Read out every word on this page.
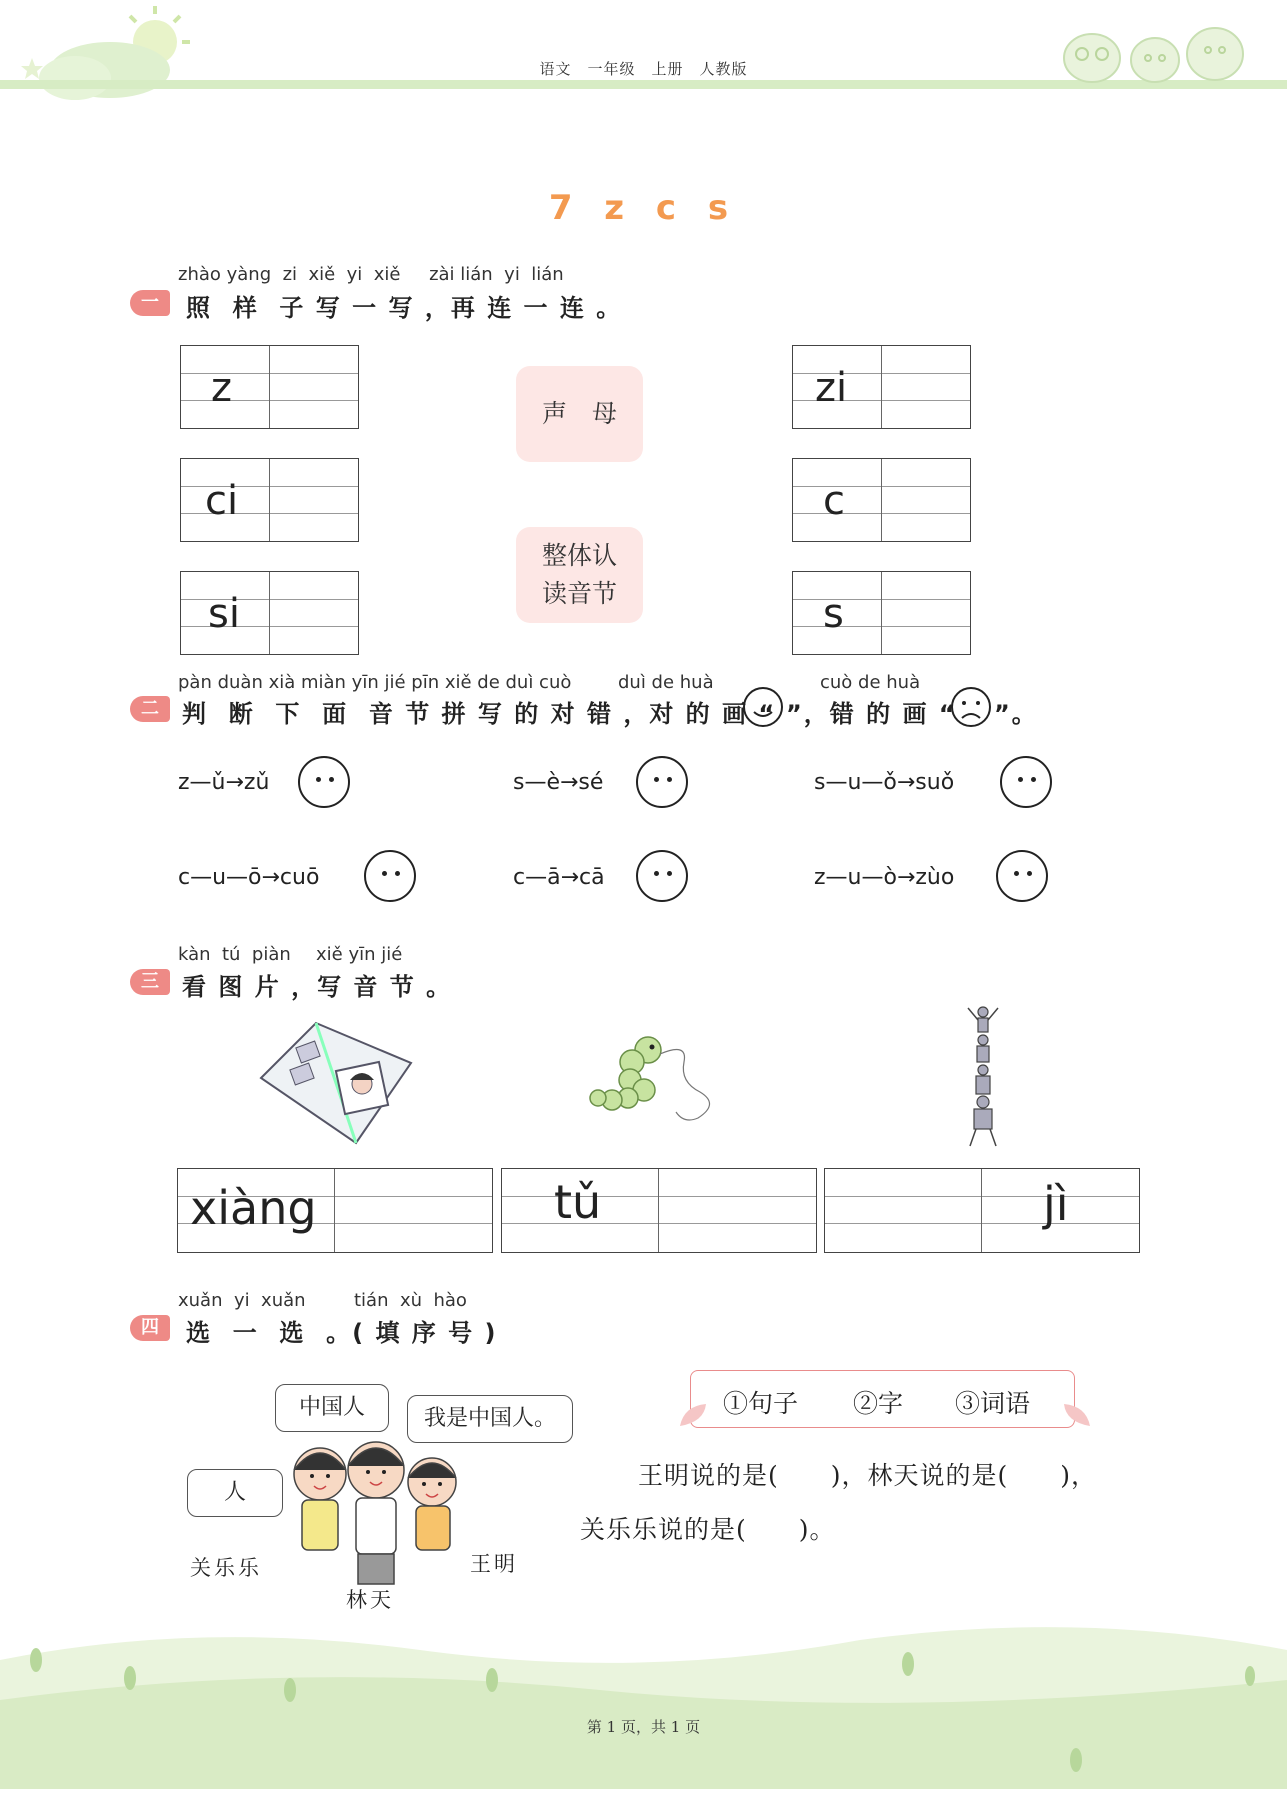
语文　一年级　上册　人教版
7 z c s
zhào yàng  zi  xiě  yi  xiě     zài lián  yi  lián
一	照  样  子 写 一 写 ，再 连 一 连 。
z
ci
si
声　母
整体认
读音节
zi
c
s
pàn duàn xià miàn yīn jié pīn xiě de duì cuò	duì de huà	cuò de huà
二 判  断  下  面  音 节 拼 写 的 对 错 ，对 的 画 “ ”，错 的 画 “ ”。
z—ǔ→zǔ	s—è→sé	s—u—ǒ→suǒ
c—u—ō→cuō	c—ā→cā	z—u—ò→zùo
kàn  tú  piàn xiě yīn jié
三 看 图 片 ，写 音 节 。
xiàng	tǔ	jì
xuǎn  yi  xuǎn	tián  xù  hào
四	选  一  选  。( 填 序 号 )
人
中国人	我是中国人。
关乐乐
林天
王明
①句子 ②字 ③词语
王明说的是(　　)，林天说的是(　　)，
关乐乐说的是(　　)。
第 1 页，共 1 页
